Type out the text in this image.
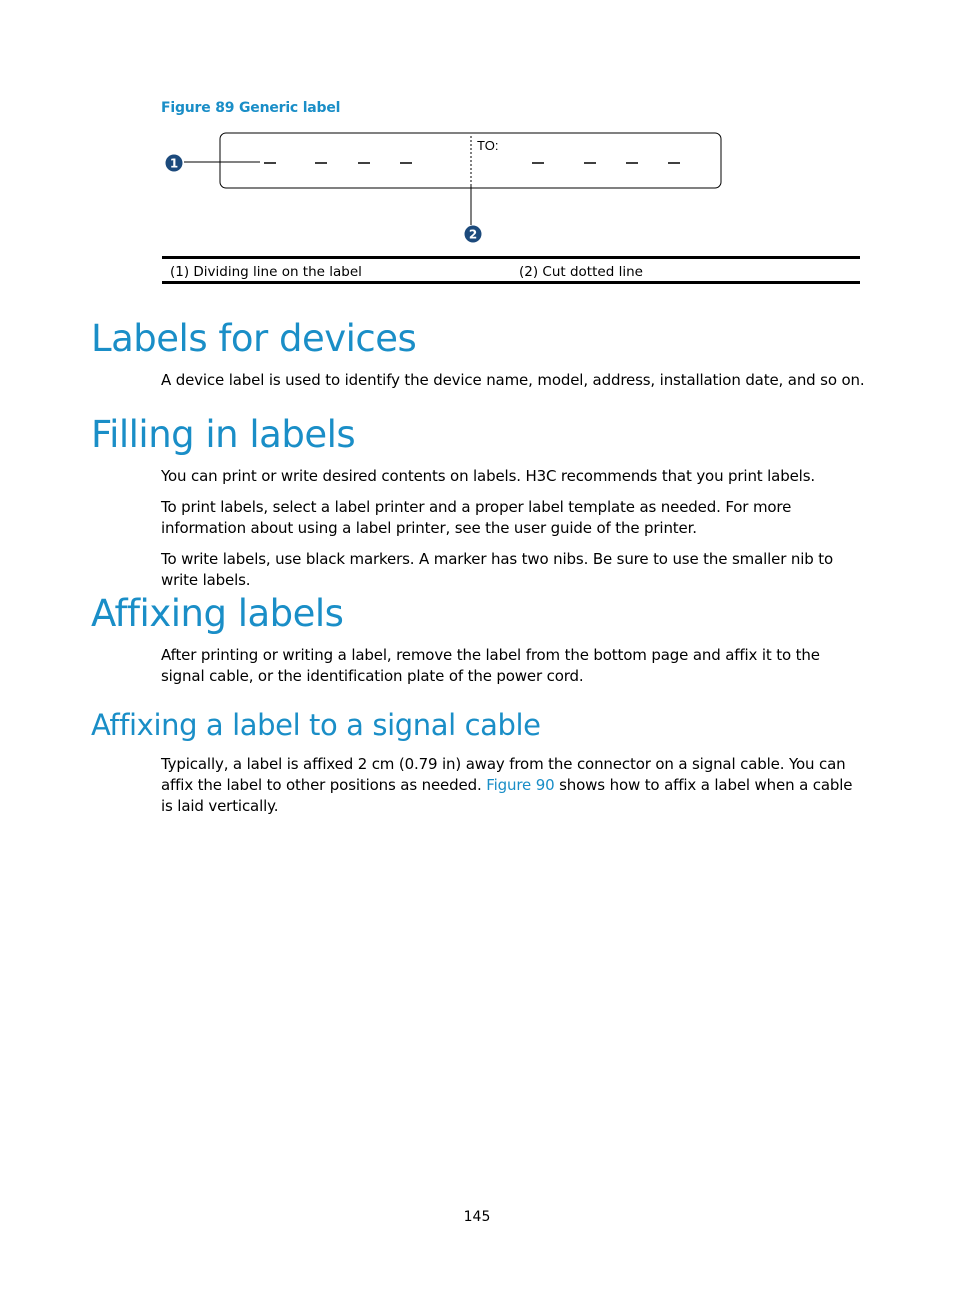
Figure 89 Generic label
1
2
TO:
(1) Dividing line on the label	(2) Cut dotted line
Labels for devices

A device label is used to identify the device name, model, address, installation date, and so on.

Filling in labels

You can print or write desired contents on labels. H3C recommends that you print labels.

To print labels, select a label printer and a proper label template as needed. For more information about using a label printer, see the user guide of the printer.

To write labels, use black markers. A marker has two nibs. Be sure to use the smaller nib to write labels.

Affixing labels

After printing or writing a label, remove the label from the bottom page and affix it to the signal cable, or the identification plate of the power cord.

Affixing a label to a signal cable

Typically, a label is affixed 2 cm (0.79 in) away from the connector on a signal cable. You can affix the label to other positions as needed. Figure 90 shows how to affix a label when a cable is laid vertically.

145
